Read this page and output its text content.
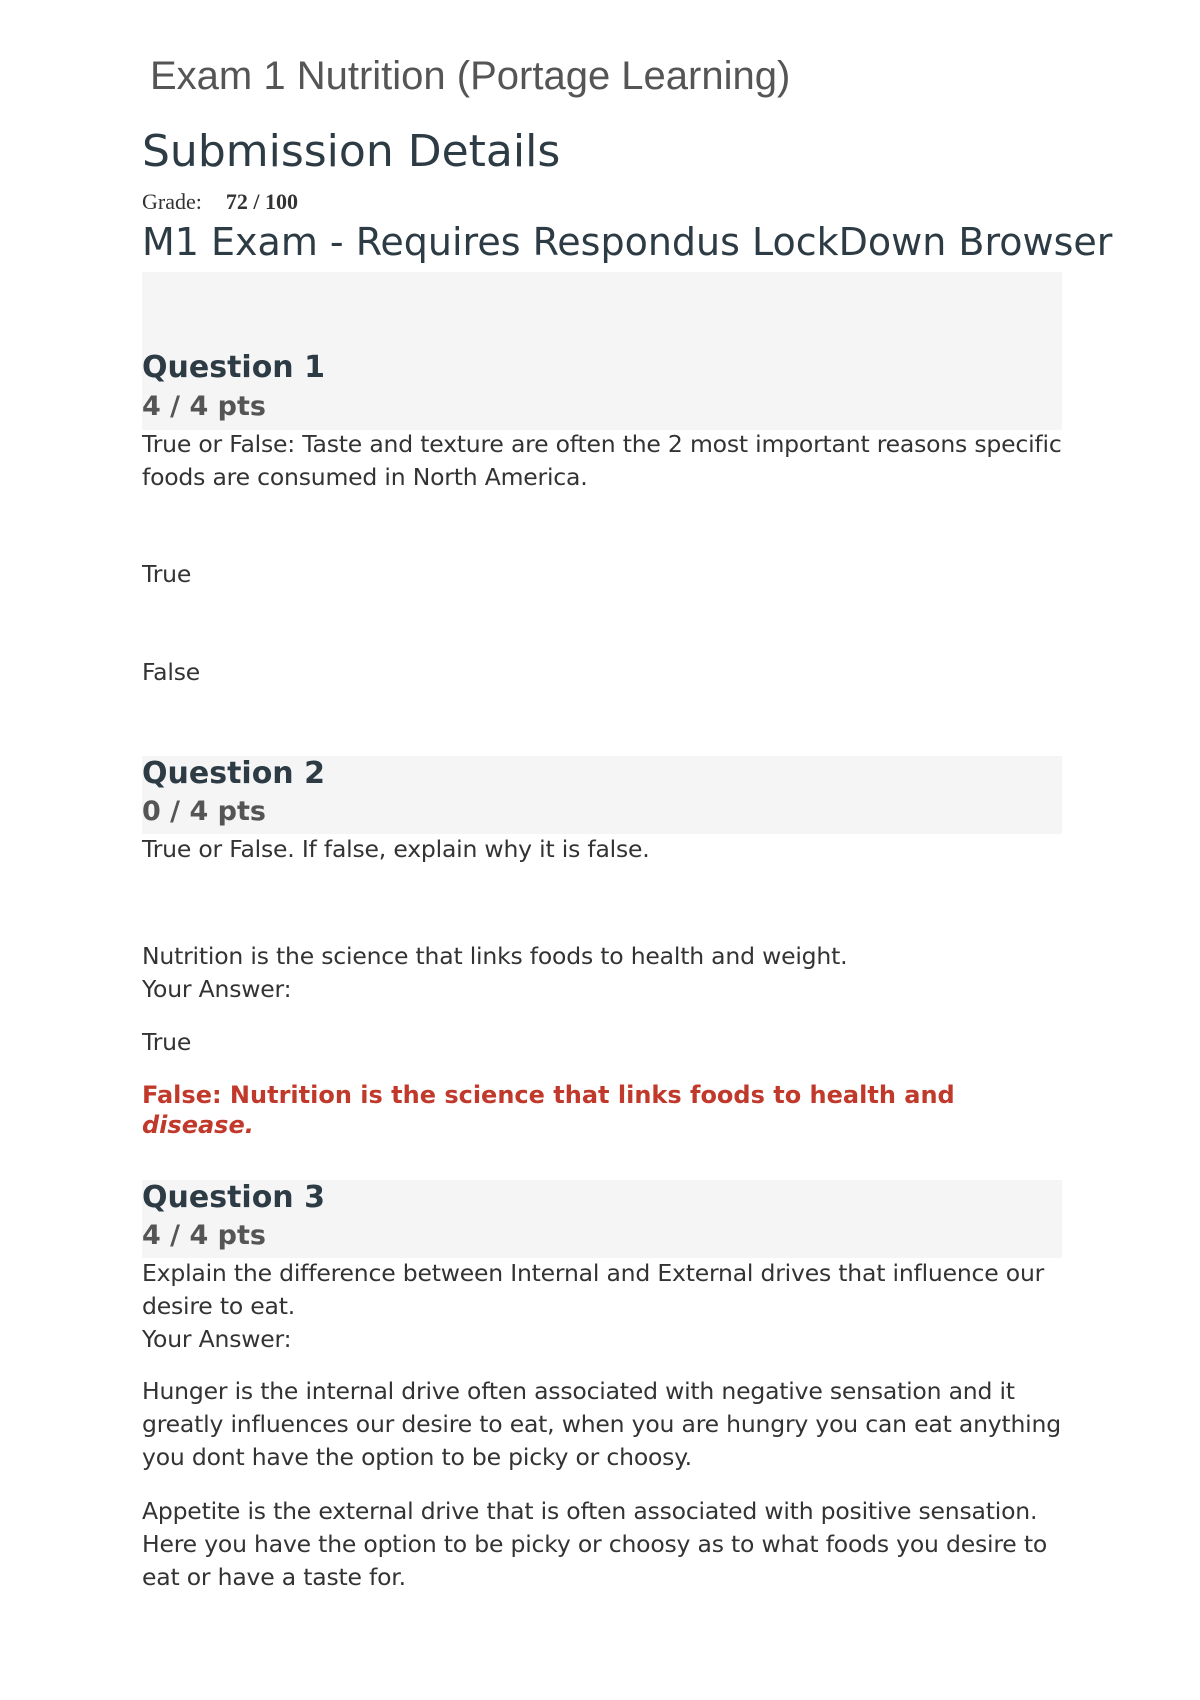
Exam 1 Nutrition (Portage Learning)
Submission Details
Grade: 72 / 100
M1 Exam - Requires Respondus LockDown Browser
Question 1
4 / 4 pts
True or False: Taste and texture are often the 2 most important reasons specific foods are consumed in North America.
True
False
Question 2
0 / 4 pts
True or False. If false, explain why it is false.
Nutrition is the science that links foods to health and weight.
Your Answer:
True
False: Nutrition is the science that links foods to health and disease.
Question 3
4 / 4 pts
Explain the difference between Internal and External drives that influence our desire to eat.
Your Answer:
Hunger is the internal drive often associated with negative sensation and it greatly influences our desire to eat, when you are hungry you can eat anything you dont have the option to be picky or choosy.
Appetite is the external drive that is often associated with positive sensation. Here you have the option to be picky or choosy as to what foods you desire to eat or have a taste for.
